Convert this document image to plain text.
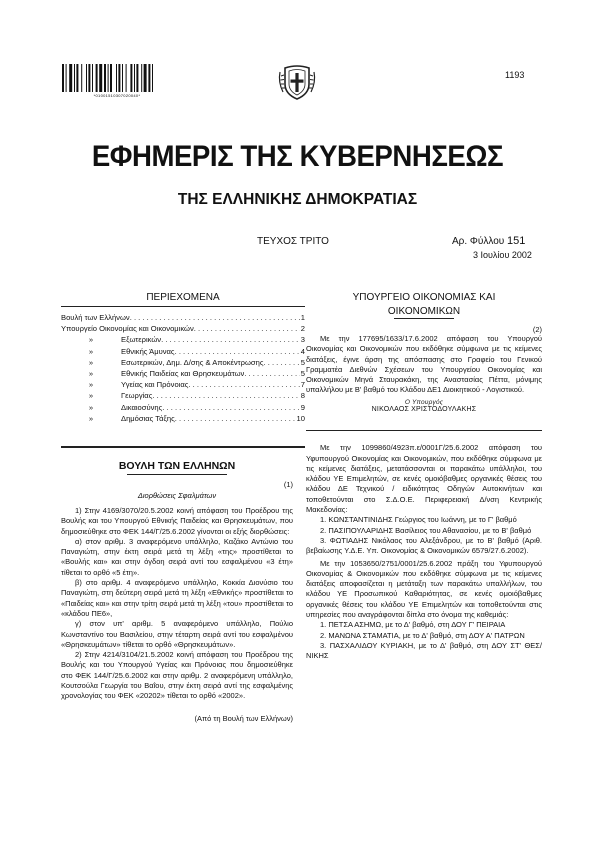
*01001510307020040*
1193
ΕΦΗΜΕΡΙΣ ΤΗΣ ΚΥΒΕΡΝΗΣΕΩΣ
ΤΗΣ ΕΛΛΗΝΙΚΗΣ ΔΗΜΟΚΡΑΤΙΑΣ
ΤΕΥΧΟΣ ΤΡΙΤΟ	Αρ. Φύλλου 151
3 Ιουλίου 2002
ΠΕΡΙΕΧΟΜΕΝΑ
Βουλή των Ελλήνων . . .	1
Υπουργείο Οικονομίας και Οικονομικών . . .	2
»	Εξωτερικών . . .	3
»	Εθνικής Άμυνας . . .	4
»	Εσωτερικών, Δημ. Δ/σης & Αποκέντρωσης . . .	5
»	Εθνικής Παιδείας και Θρησκευμάτων . . .	5
»	Υγείας και Πρόνοιας . . .	7
»	Γεωργίας . . .	8
»	Δικαιοσύνης . . .	9
»	Δημόσιας Τάξης . . .	10
ΒΟΥΛΗ ΤΩΝ ΕΛΛΗΝΩΝ
(1)
Διορθώσεις Σφαλμάτων
1) Στην 4169/3070/20.5.2002 κοινή απόφαση του Προέδρου της Βουλής και του Υπουργού Εθνικής Παιδείας και Θρησκευμάτων, που δημοσιεύθηκε στο ΦΕΚ 144/Γ/25.6.2002 γίνονται οι εξής διορθώσεις:
α) στον αριθμ. 3 αναφερόμενο υπάλληλο, Καζάκο Αντώνιο του Παναγιώτη, στην έκτη σειρά μετά τη λέξη «της» προστίθεται το «Βουλής και» και στην όγδοη σειρά αντί του εσφαλμένου «3 έτη» τίθεται το ορθό «5 έτη».
β) στο αριθμ. 4 αναφερόμενο υπάλληλο, Κοκκία Διονύσιο του Παναγιώτη, στη δεύτερη σειρά μετά τη λέξη «Εθνικής» προστίθεται το «Παιδείας και» και στην τρίτη σειρά μετά τη λέξη «του» προστίθεται το «κλάδου ΠΕ6»,
γ) στον υπ' αριθμ. 5 αναφερόμενο υπάλληλο, Πούλιο Κωνσταντίνο του Βασιλείου, στην τέταρτη σειρά αντί του εσφαλμένου «Θρησκευμάτων» τίθεται το ορθό «Θρησκευμάτων».
2) Στην 4214/3104/21.5.2002 κοινή απόφαση του Προέδρου της Βουλής και του Υπουργού Υγείας και Πρόνοιας που δημοσιεύθηκε στο ΦΕΚ 144/Γ/25.6.2002 και στην αριθμ. 2 αναφερόμενη υπάλληλο, Κουτσούλα Γεωργία του Βαΐου, στην έκτη σειρά αντί της εσφαλμένης χρονολογίας του ΦΕΚ «20202» τίθεται το ορθό «2002».
(Από τη Βουλή των Ελλήνων)
ΥΠΟΥΡΓΕΙΟ ΟΙΚΟΝΟΜΙΑΣ ΚΑΙ
ΟΙΚΟΝΟΜΙΚΩΝ
(2)
Με την 177695/1633/17.6.2002 απόφαση του Υπουργού Οικονομίας και Οικονομικών που εκδόθηκε σύμφωνα με τις κείμενες διατάξεις, έγινε άρση της απόσπασης στο Γραφείο του Γενικού Γραμματέα Διεθνών Σχέσεων του Υπουργείου Οικονομίας και Οικονομικών Μηνά Σταυρακάκη, της Αναστασίας Πέττα, μόνιμης υπαλλήλου με Β' βαθμό του Κλάδου ΔΕ1 Διοικητικού - Λογιστικού.
Ο Υπουργός
ΝΙΚΟΛΑΟΣ ΧΡΙΣΤΟΔΟΥΛΑΚΗΣ
Με την 1099860/4923π.ε/0001Γ/25.6.2002 απόφαση του Υφυπουργού Οικονομίας και Οικονομικών, που εκδόθηκε σύμφωνα με τις κείμενες διατάξεις, μετατάσσονται οι παρακάτω υπάλληλοι, του κλάδου ΥΕ Επιμελητών, σε κενές ομοιόβαθμες οργανικές θέσεις του κλάδου ΔΕ Τεχνικού / ειδικότητας Οδηγών Αυτοκινήτων και τοποθετούνται στο Σ.Δ.Ο.Ε. Περιφερειακή Δ/νση Κεντρικής Μακεδονίας:
1. ΚΩΝΣΤΑΝΤΙΝΙΔΗΣ Γεώργιος του Ιωάννη, με το Γ' βαθμό
2. ΠΑΣΙΠΟΥΛΑΡΙΔΗΣ Βασίλειος του Αθανασίου, με το Β' βαθμό
3. ΦΩΤΙΑΔΗΣ Νικόλαος του Αλεξάνδρου, με το Β' βαθμό (Αριθ. βεβαίωσης Υ.Δ.Ε. Υπ. Οικονομίας & Οικονομικών 6579/27.6.2002).
Με την 1053650/2751/0001/25.6.2002 πράξη του Υφυπουργού Οικονομίας & Οικονομικών που εκδόθηκε σύμφωνα με τις κείμενες διατάξεις αποφασίζεται η μετάταξη των παρακάτω υπαλλήλων, του κλάδου ΥΕ Προσωπικού Καθαριότητας, σε κενές ομοιόβαθμες οργανικές θέσεις του κλάδου ΥΕ Επιμελητών και τοποθετούνται στις υπηρεσίες που αναγράφονται δίπλα στο όνομα της καθεμιάς:
1. ΠΕΤΣΑ ΑΣΗΜΩ, με το Δ' βαθμό, στη ΔΟΥ Γ' ΠΕΙΡΑΙΑ
2. ΜΑΝΩΝΑ ΣΤΑΜΑΤΙΑ, με το Δ' βαθμό, στη ΔΟΥ Α' ΠΑΤΡΩΝ
3. ΠΑΣΧΑΛΙΔΟΥ ΚΥΡΙΑΚΗ, με το Δ' βαθμό, στη ΔΟΥ ΣΤ' ΘΕΣ/ΝΙΚΗΣ
